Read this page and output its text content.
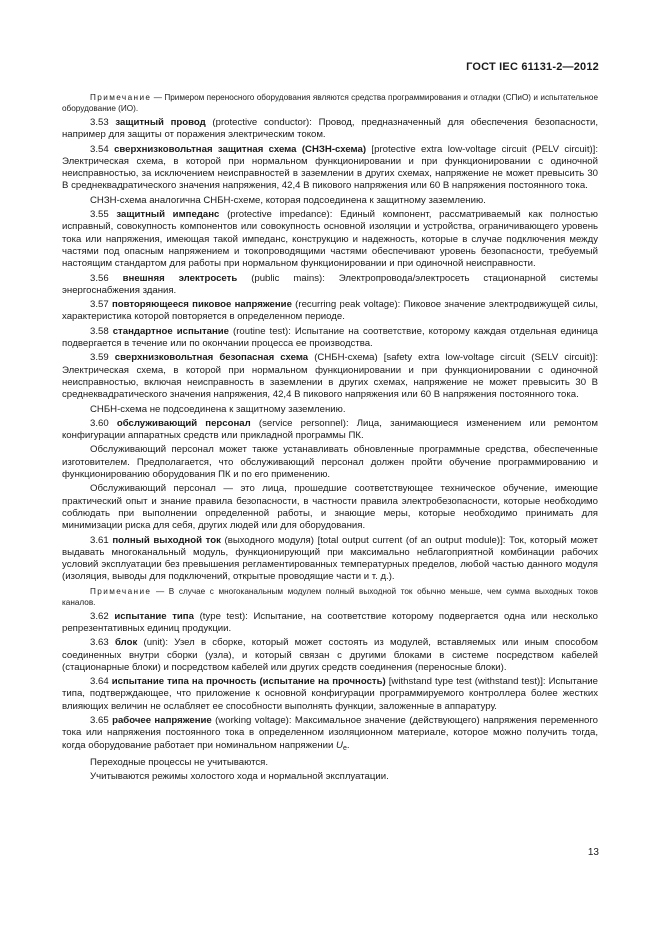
ГОСТ IEC 61131-2—2012
Примечание — Примером переносного оборудования являются средства программирования и отладки (СПиО) и испытательное оборудование (ИО).
3.53 защитный провод (protective conductor): Провод, предназначенный для обеспечения безопасности, например для защиты от поражения электрическим током.
3.54 сверхнизковольтная защитная схема (СНЗН-схема) [protective extra low-voltage circuit (PELV circuit)]: Электрическая схема, в которой при нормальном функционировании и при функционировании с одиночной неисправностью, за исключением неисправностей в заземлении в других схемах, напряжение не может превысить 30 В среднеквадратического значения напряжения, 42,4 В пикового напряжения или 60 В напряжения постоянного тока.
СНЗН-схема аналогична СНБН-схеме, которая подсоединена к защитному заземлению.
3.55 защитный импеданс (protective impedance): Единый компонент, рассматриваемый как полностью исправный, совокупность компонентов или совокупность основной изоляции и устройства, ограничивающего уровень тока или напряжения, имеющая такой импеданс, конструкцию и надежность, которые в случае подключения между частями под опасным напряжением и токопроводящими частями обеспечивают уровень безопасности, требуемый настоящим стандартом для работы при нормальном функционировании и при одиночной неисправности.
3.56 внешняя электросеть (public mains): Электропровода/электросеть стационарной системы энергоснабжения здания.
3.57 повторяющееся пиковое напряжение (recurring peak voltage): Пиковое значение электродвижущей силы, характеристика которой повторяется в определенном периоде.
3.58 стандартное испытание (routine test): Испытание на соответствие, которому каждая отдельная единица подвергается в течение или по окончании процесса ее производства.
3.59 сверхнизковольтная безопасная схема (СНБН-схема) [safety extra low-voltage circuit (SELV circuit)]: Электрическая схема, в которой при нормальном функционировании и при функционировании с одиночной неисправностью, включая неисправность в заземлении в других схемах, напряжение не может превысить 30 В среднеквадратического значения напряжения, 42,4 В пикового напряжения или 60 В напряжения постоянного тока.
СНБН-схема не подсоединена к защитному заземлению.
3.60 обслуживающий персонал (service personnel): Лица, занимающиеся изменением или ремонтом конфигурации аппаратных средств или прикладной программы ПК.
Обслуживающий персонал может также устанавливать обновленные программные средства, обеспеченные изготовителем. Предполагается, что обслуживающий персонал должен пройти обучение программированию и функционированию оборудования ПК и по его применению.
Обслуживающий персонал — это лица, прошедшие соответствующее техническое обучение, имеющие практический опыт и знание правила безопасности, в частности правила электробезопасности, которые необходимо соблюдать при выполнении определенной работы, и знающие меры, которые необходимо принимать для минимизации риска для себя, других людей или для оборудования.
3.61 полный выходной ток (выходного модуля) [total output current (of an output module)]: Ток, который может выдавать многоканальный модуль, функционирующий при максимально неблагоприятной комбинации рабочих условий эксплуатации без превышения регламентированных температурных пределов, любой частью данного модуля (изоляция, выводы для подключений, открытые проводящие части и т. д.).
Примечание — В случае с многоканальным модулем полный выходной ток обычно меньше, чем сумма выходных токов каналов.
3.62 испытание типа (type test): Испытание, на соответствие которому подвергается одна или несколько репрезентативных единиц продукции.
3.63 блок (unit): Узел в сборке, который может состоять из модулей, вставляемых или иным способом соединенных внутри сборки (узла), и который связан с другими блоками в системе посредством кабелей (стационарные блоки) и посредством кабелей или других средств соединения (переносные блоки).
3.64 испытание типа на прочность (испытание на прочность) [withstand type test (withstand test)]: Испытание типа, подтверждающее, что приложение к основной конфигурации программируемого контроллера более жестких влияющих величин не ослабляет ее способности выполнять функции, заложенные в аппаратуру.
3.65 рабочее напряжение (working voltage): Максимальное значение (действующего) напряжения переменного тока или напряжения постоянного тока в определенном изоляционном материале, которое можно получить тогда, когда оборудование работает при номинальном напряжении $U_e$.
Переходные процессы не учитываются.
Учитываются режимы холостого хода и нормальной эксплуатации.
13
